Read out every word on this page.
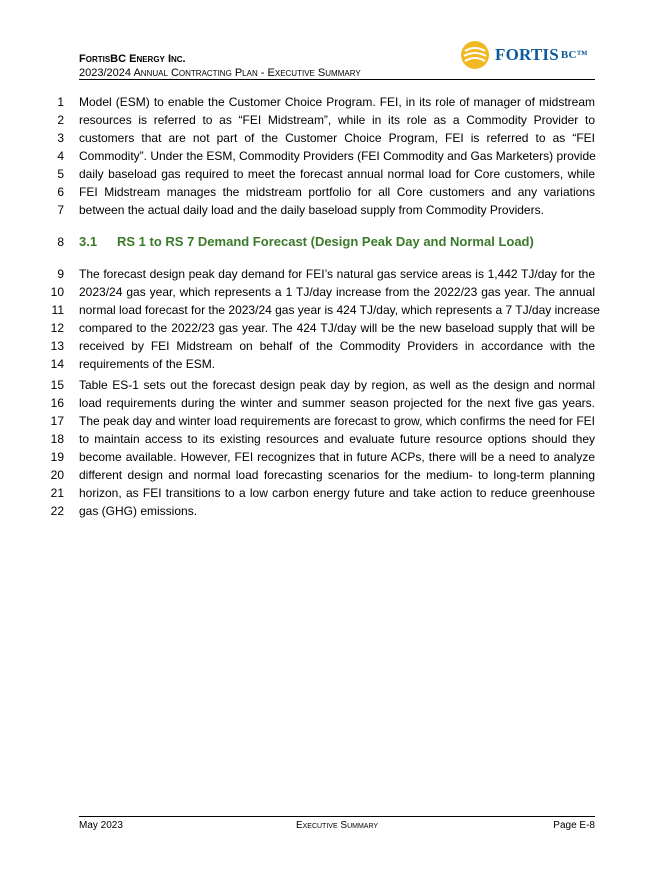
FortisBC Energy Inc.
2023/2024 Annual Contracting Plan - Executive Summary
FORTIS BC™
1 Model (ESM) to enable the Customer Choice Program. FEI, in its role of manager of midstream
2 resources is referred to as “FEI Midstream”, while in its role as a Commodity Provider to
3 customers that are not part of the Customer Choice Program, FEI is referred to as “FEI
4 Commodity”. Under the ESM, Commodity Providers (FEI Commodity and Gas Marketers) provide
5 daily baseload gas required to meet the forecast annual normal load for Core customers, while
6 FEI Midstream manages the midstream portfolio for all Core customers and any variations
7 between the actual daily load and the daily baseload supply from Commodity Providers.
8 3.1 RS 1 to RS 7 Demand Forecast (Design Peak Day and Normal Load)
9 The forecast design peak day demand for FEI’s natural gas service areas is 1,442 TJ/day for the
10 2023/24 gas year, which represents a 1 TJ/day increase from the 2022/23 gas year. The annual
11 normal load forecast for the 2023/24 gas year is 424 TJ/day, which represents a 7 TJ/day increase
12 compared to the 2022/23 gas year. The 424 TJ/day will be the new baseload supply that will be
13 received by FEI Midstream on behalf of the Commodity Providers in accordance with the
14 requirements of the ESM.
15 Table ES-1 sets out the forecast design peak day by region, as well as the design and normal
16 load requirements during the winter and summer season projected for the next five gas years.
17 The peak day and winter load requirements are forecast to grow, which confirms the need for FEI
18 to maintain access to its existing resources and evaluate future resource options should they
19 become available. However, FEI recognizes that in future ACPs, there will be a need to analyze
20 different design and normal load forecasting scenarios for the medium- to long-term planning
21 horizon, as FEI transitions to a low carbon energy future and take action to reduce greenhouse
22 gas (GHG) emissions.
May 2023	Executive Summary	Page E-8
